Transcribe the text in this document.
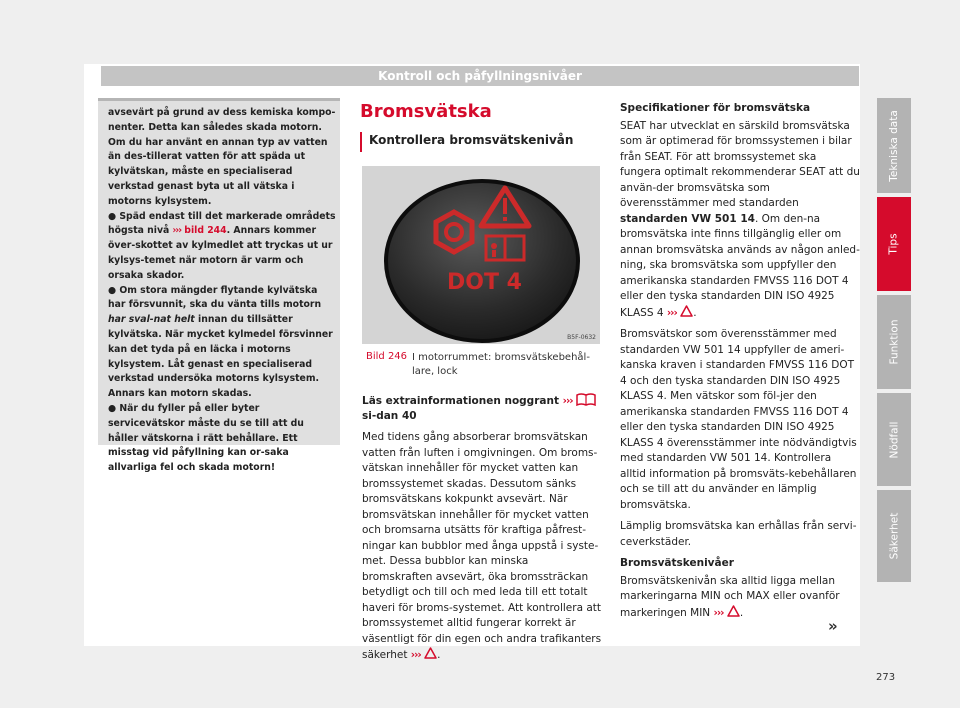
Kontroll och påfyllningsnivåer

avsevärt på grund av dess kemiska kompo-nenter. Detta kan således skada motorn. Om du har använt en annan typ av vatten än des-tillerat vatten för att späda ut kylvätskan, måste en specialiserad verkstad genast byta ut all vätska i motorns kylsystem.

● Späd endast till det markerade områdets högsta nivå ››› bild 244. Annars kommer över-skottet av kylmedlet att tryckas ut ur kylsys-temet när motorn är varm och orsaka skador.

● Om stora mängder flytande kylvätska har försvunnit, ska du vänta tills motorn har sval-nat helt innan du tillsätter kylvätska. När mycket kylmedel försvinner kan det tyda på en läcka i motorns kylsystem. Låt genast en specialiserad verkstad undersöka motorns kylsystem. Annars kan motorn skadas.

● När du fyller på eller byter servicevätskor måste du se till att du håller vätskorna i rätt behållare. Ett misstag vid påfyllning kan or-saka allvarliga fel och skada motorn!

Bromsvätska
Kontrollera bromsvätskenivån
DOT 4
B5F-0632
Bild 246 I motorrummet: bromsvätskebehål-lare, lock
Läs extrainformationen noggrant ›››  si-dan 40
Med tidens gång absorberar bromsvätskan vatten från luften i omgivningen. Om broms-vätskan innehåller för mycket vatten kan bromssystemet skadas. Dessutom sänks bromsvätskans kokpunkt avsevärt. När bromsvätskan innehåller för mycket vatten och bromsarna utsätts för kraftiga påfrest-ningar kan bubblor med ånga uppstå i syste-met. Dessa bubblor kan minska bromskraften avsevärt, öka bromssträckan betydligt och till och med leda till ett totalt haveri för broms-systemet. Att kontrollera att bromssystemet alltid fungerar korrekt är väsentligt för din egen och andra trafikanters säkerhet ››› .

Specifikationer för bromsvätska

SEAT har utvecklat en särskild bromsvätska som är optimerad för bromssystemen i bilar från SEAT. För att bromssystemet ska fungera optimalt rekommenderar SEAT att du använ-der bromsvätska som överensstämmer med standarden standarden VW 501 14. Om den-na bromsvätska inte finns tillgänglig eller om annan bromsvätska används av någon anled-ning, ska bromsvätska som uppfyller den amerikanska standarden FMVSS 116 DOT 4 eller den tyska standarden DIN ISO 4925 KLASS 4 ››› .

Bromsvätskor som överensstämmer med standarden VW 501 14 uppfyller de ameri-kanska kraven i standarden FMVSS 116 DOT 4 och den tyska standarden DIN ISO 4925 KLASS 4. Men vätskor som föl-jer den amerikanska standarden FMVSS 116 DOT 4 eller den tyska standarden DIN ISO 4925 KLASS 4 överensstämmer inte nödvändigtvis med standarden VW 501 14. Kontrollera alltid information på bromsväts-kebehållaren och se till att du använder en lämplig bromsvätska.

Lämplig bromsvätska kan erhållas från servi-ceverkstäder.

Bromsvätskenivåer

Bromsvätskenivån ska alltid ligga mellan markeringarna MIN och MAX eller ovanför markeringen MIN ››› .

»
273
Tekniska data
Tips
Funktion
Nödfall
Säkerhet
